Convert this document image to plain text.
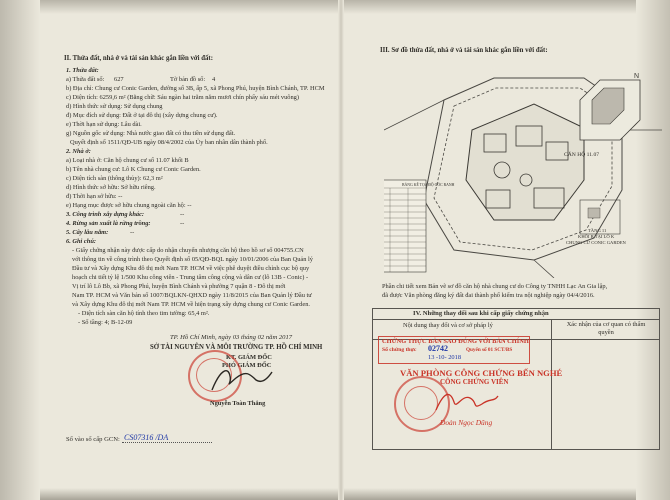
II. Thửa đất, nhà ở và tài sản khác gắn liền với đất:
1. Thửa đất:
a) Thửa đất số: 627	Tờ bản đồ số: 4
b) Địa chỉ: Chung cư Conic Garden, đường số 3B, ấp 5, xã Phong Phú, huyện Bình Chánh, TP. HCM
c) Diện tích: 6259,6 m² (Bằng chữ: Sáu ngàn hai trăm năm mươi chín phẩy sáu mét vuông)
d) Hình thức sử dụng: Sử dụng chung
đ) Mục đích sử dụng: Đất ở tại đô thị (xây dựng chung cư).
e) Thời hạn sử dụng: Lâu dài.
g) Nguồn gốc sử dụng: Nhà nước giao đất có thu tiền sử dụng đất.
Quyết định số 1511/QĐ-UB ngày 08/4/2002 của Ủy ban nhân dân thành phố.
2. Nhà ở:
a) Loại nhà ở: Căn hộ chung cư số 11.07 khối B
b) Tên nhà chung cư: Lô K Chung cư Conic Garden.
c) Diện tích sàn (thông thủy): 62,3 m²
d) Hình thức sở hữu: Sở hữu riêng.
đ) Thời hạn sở hữu: --
e) Hạng mục được sở hữu chung ngoài căn hộ: --
3. Công trình xây dựng khác:	--
4. Rừng sản xuất là rừng trồng:	--
5. Cây lâu năm:	--
6. Ghi chú:
- Giấy chứng nhận này được cấp do nhận chuyển nhượng căn hộ theo hồ sơ số 004755.CN
với thông tin về công trình theo Quyết định số 05/QĐ-BQL ngày 10/01/2006 của Ban Quản lý
Đầu tư và Xây dựng Khu đô thị mới Nam TP. HCM về việc phê duyệt điều chỉnh cục bộ quy
hoạch chi tiết tỷ lệ 1/500 Khu công viên - Trung tâm công cộng và dân cư (lô 13B - Conic) -
Vị trí lô Lô Bb, xã Phong Phú, huyện Bình Chánh và phường 7 quận 8 - Đô thị mới
Nam TP. HCM và Văn bản số 1007/BQLKN-QHXD ngày 11/8/2015 của Ban Quản lý Đầu tư
và Xây dựng Khu đô thị mới Nam TP. HCM về hiện trạng xây dựng chung cư Conic Garden.
- Diện tích sàn căn hộ tính theo tim tường: 65,4 m².
- Số tầng: 4; B-12-09
TP. Hồ Chí Minh, ngày 03 tháng 02 năm 2017
SỞ TÀI NGUYÊN VÀ MÔI TRƯỜNG TP. HỒ CHÍ MINH
KT. GIÁM ĐỐC
PHÓ GIÁM ĐỐC
Nguyễn Toàn Thắng
Số vào sổ cấp GCN: CS07316 /DA
III. Sơ đồ thửa đất, nhà ở và tài sản khác gắn liền với đất:
N
CĂN HỘ 11.07
BẢNG KÊ TỌA ĐỘ GÓC RANH
TẦNG 11
KHỐI B TẠI LÔ K
CHUNG CƯ CONIC GARDEN
Phần chi tiết xem Bản vẽ sơ đồ căn hộ nhà chung cư do Công ty TNHH Lạc An Gia lập,
đã được Văn phòng đăng ký đất đai thành phố kiểm tra nội nghiệp ngày 04/4/2016.
IV. Những thay đổi sau khi cấp giấy chứng nhận
Nội dung thay đổi và cơ sở pháp lý	Xác nhận của cơ quan có thẩm quyền
CHỨNG THỰC BẢN SAO ĐÚNG VỚI BẢN CHÍNH
Số chứng thực 02742	Quyển số 01 SCT/BS
13 -10- 2018
VĂN PHÒNG CÔNG CHỨNG BẾN NGHÉ
CÔNG CHỨNG VIÊN
Đoàn Ngọc Dũng
